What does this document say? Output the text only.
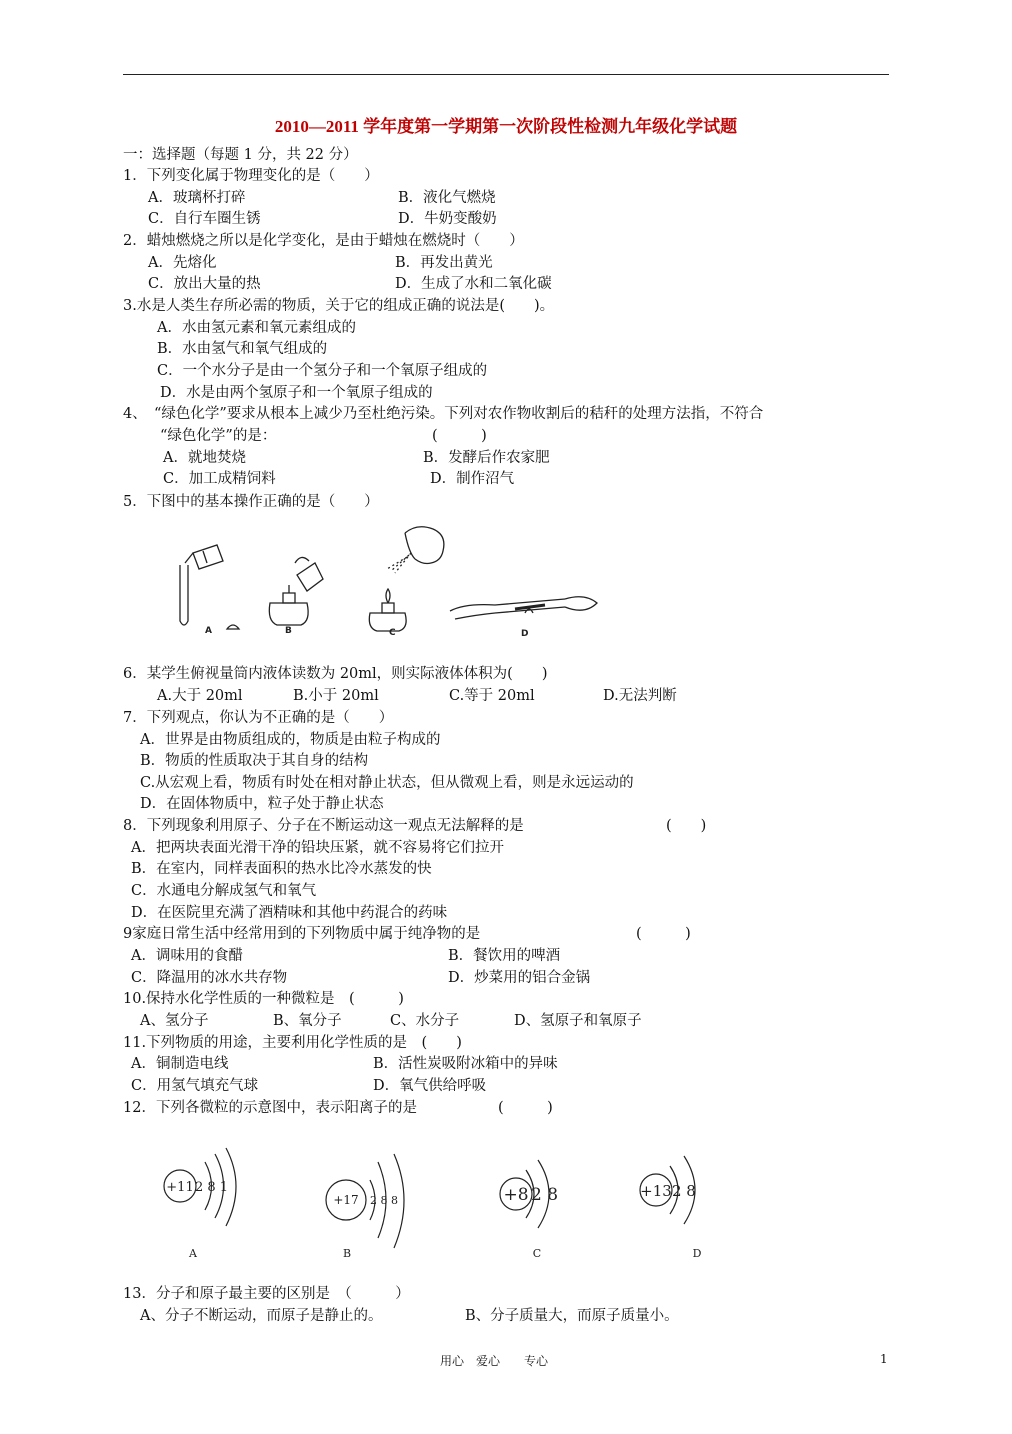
2010—2011 学年度第一学期第一次阶段性检测九年级化学试题
一：选择题（每题 1 分，共 22 分）
1．下列变化属于物理变化的是（　　）
A．玻璃杯打碎	B．液化气燃烧
C．自行车圈生锈	D．牛奶变酸奶
2．蜡烛燃烧之所以是化学变化，是由于蜡烛在燃烧时（　　）
A．先熔化	B．再发出黄光
C．放出大量的热	D．生成了水和二氧化碳
3.水是人类生存所必需的物质，关于它的组成正确的说法是(　　)。
A．水由氢元素和氧元素组成的
B．水由氢气和氧气组成的
C．一个水分子是由一个氢分子和一个氧原子组成的
D．水是由两个氢原子和一个氧原子组成的
4、　“绿色化学”要求从根本上减少乃至杜绝污染。下列对农作物收割后的秸秆的处理方法指，不符合
“绿色化学”的是：	(　　　)
A．就地焚烧	B．发酵后作农家肥
C．加工成精饲料	D．制作沼气
5．下图中的基本操作正确的是（　　）
A	B	C	D
6．某学生俯视量筒内液体读数为 20ml，则实际液体体积为(　　)
A.大于 20ml	B.小于 20ml	C.等于 20ml	D.无法判断
7．下列观点，你认为不正确的是（　　）
A．世界是由物质组成的，物质是由粒子构成的
B．物质的性质取决于其自身的结构
C.从宏观上看，物质有时处在相对静止状态，但从微观上看，则是永远运动的
D．在固体物质中，粒子处于静止状态
8．下列现象利用原子、分子在不断运动这一观点无法解释的是	(　　)
A．把两块表面光滑干净的铅块压紧，就不容易将它们拉开
B．在室内，同样表面积的热水比冷水蒸发的快
C．水通电分解成氢气和氧气
D．在医院里充满了酒精味和其他中药混合的药味
9家庭日常生活中经常用到的下列物质中属于纯净物的是	(　　　)
A．调味用的食醋	B．餐饮用的啤酒
C．降温用的冰水共存物	D．炒菜用的铝合金锅
10.保持水化学性质的一种微粒是　(　　　)
A、氢分子	B、氧分子	C、水分子	D、氢原子和氧原子
11.下列物质的用途，主要利用化学性质的是　(　　)
A．铜制造电线	B．活性炭吸附冰箱中的异味
C．用氢气填充气球	D．氧气供给呼吸
12．下列各微粒的示意图中，表示阳离子的是	(　　　)
+11 2 8 1
+17 2 8 8	+8 2 8	+13 2 8
A	B	C	D
13．分子和原子最主要的区别是　（　　　）
A、分子不断运动，而原子是静止的。	B、分子质量大，而原子质量小。
用心　爱心　　专心	1
